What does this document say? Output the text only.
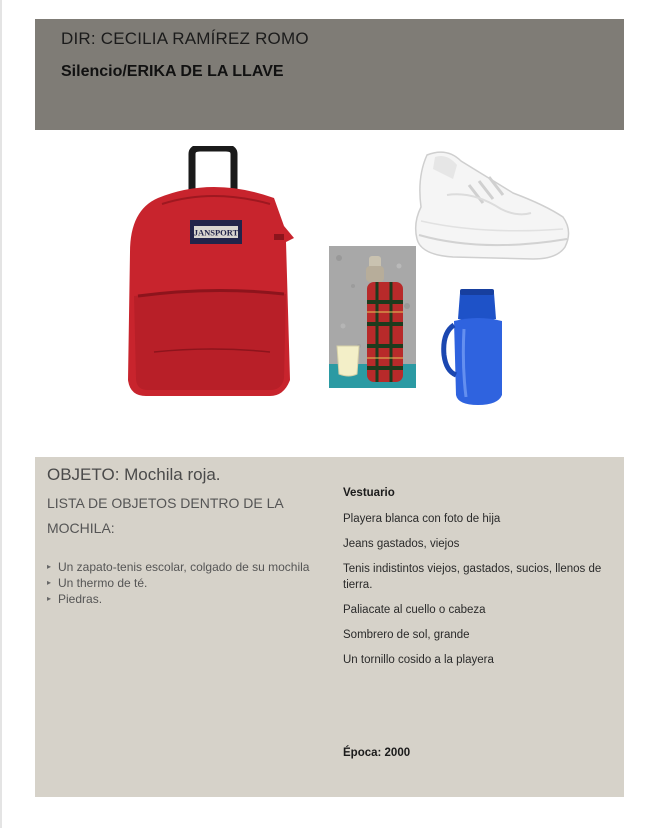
DIR: CECILIA RAMÍREZ ROMO
Silencio/ERIKA DE LA LLAVE
JANSPORT
OBJETO: Mochila roja.
LISTA DE OBJETOS DENTRO DE LA MOCHILA:
▸ Un zapato-tenis escolar, colgado de su mochila
▸ Un thermo de té.
▸ Piedras.
Vestuario
Playera blanca con foto de hija
Jeans gastados, viejos
Tenis indistintos viejos, gastados, sucios, llenos de tierra.
Paliacate al cuello o cabeza
Sombrero de sol, grande
Un tornillo cosido a la playera
Época: 2000
